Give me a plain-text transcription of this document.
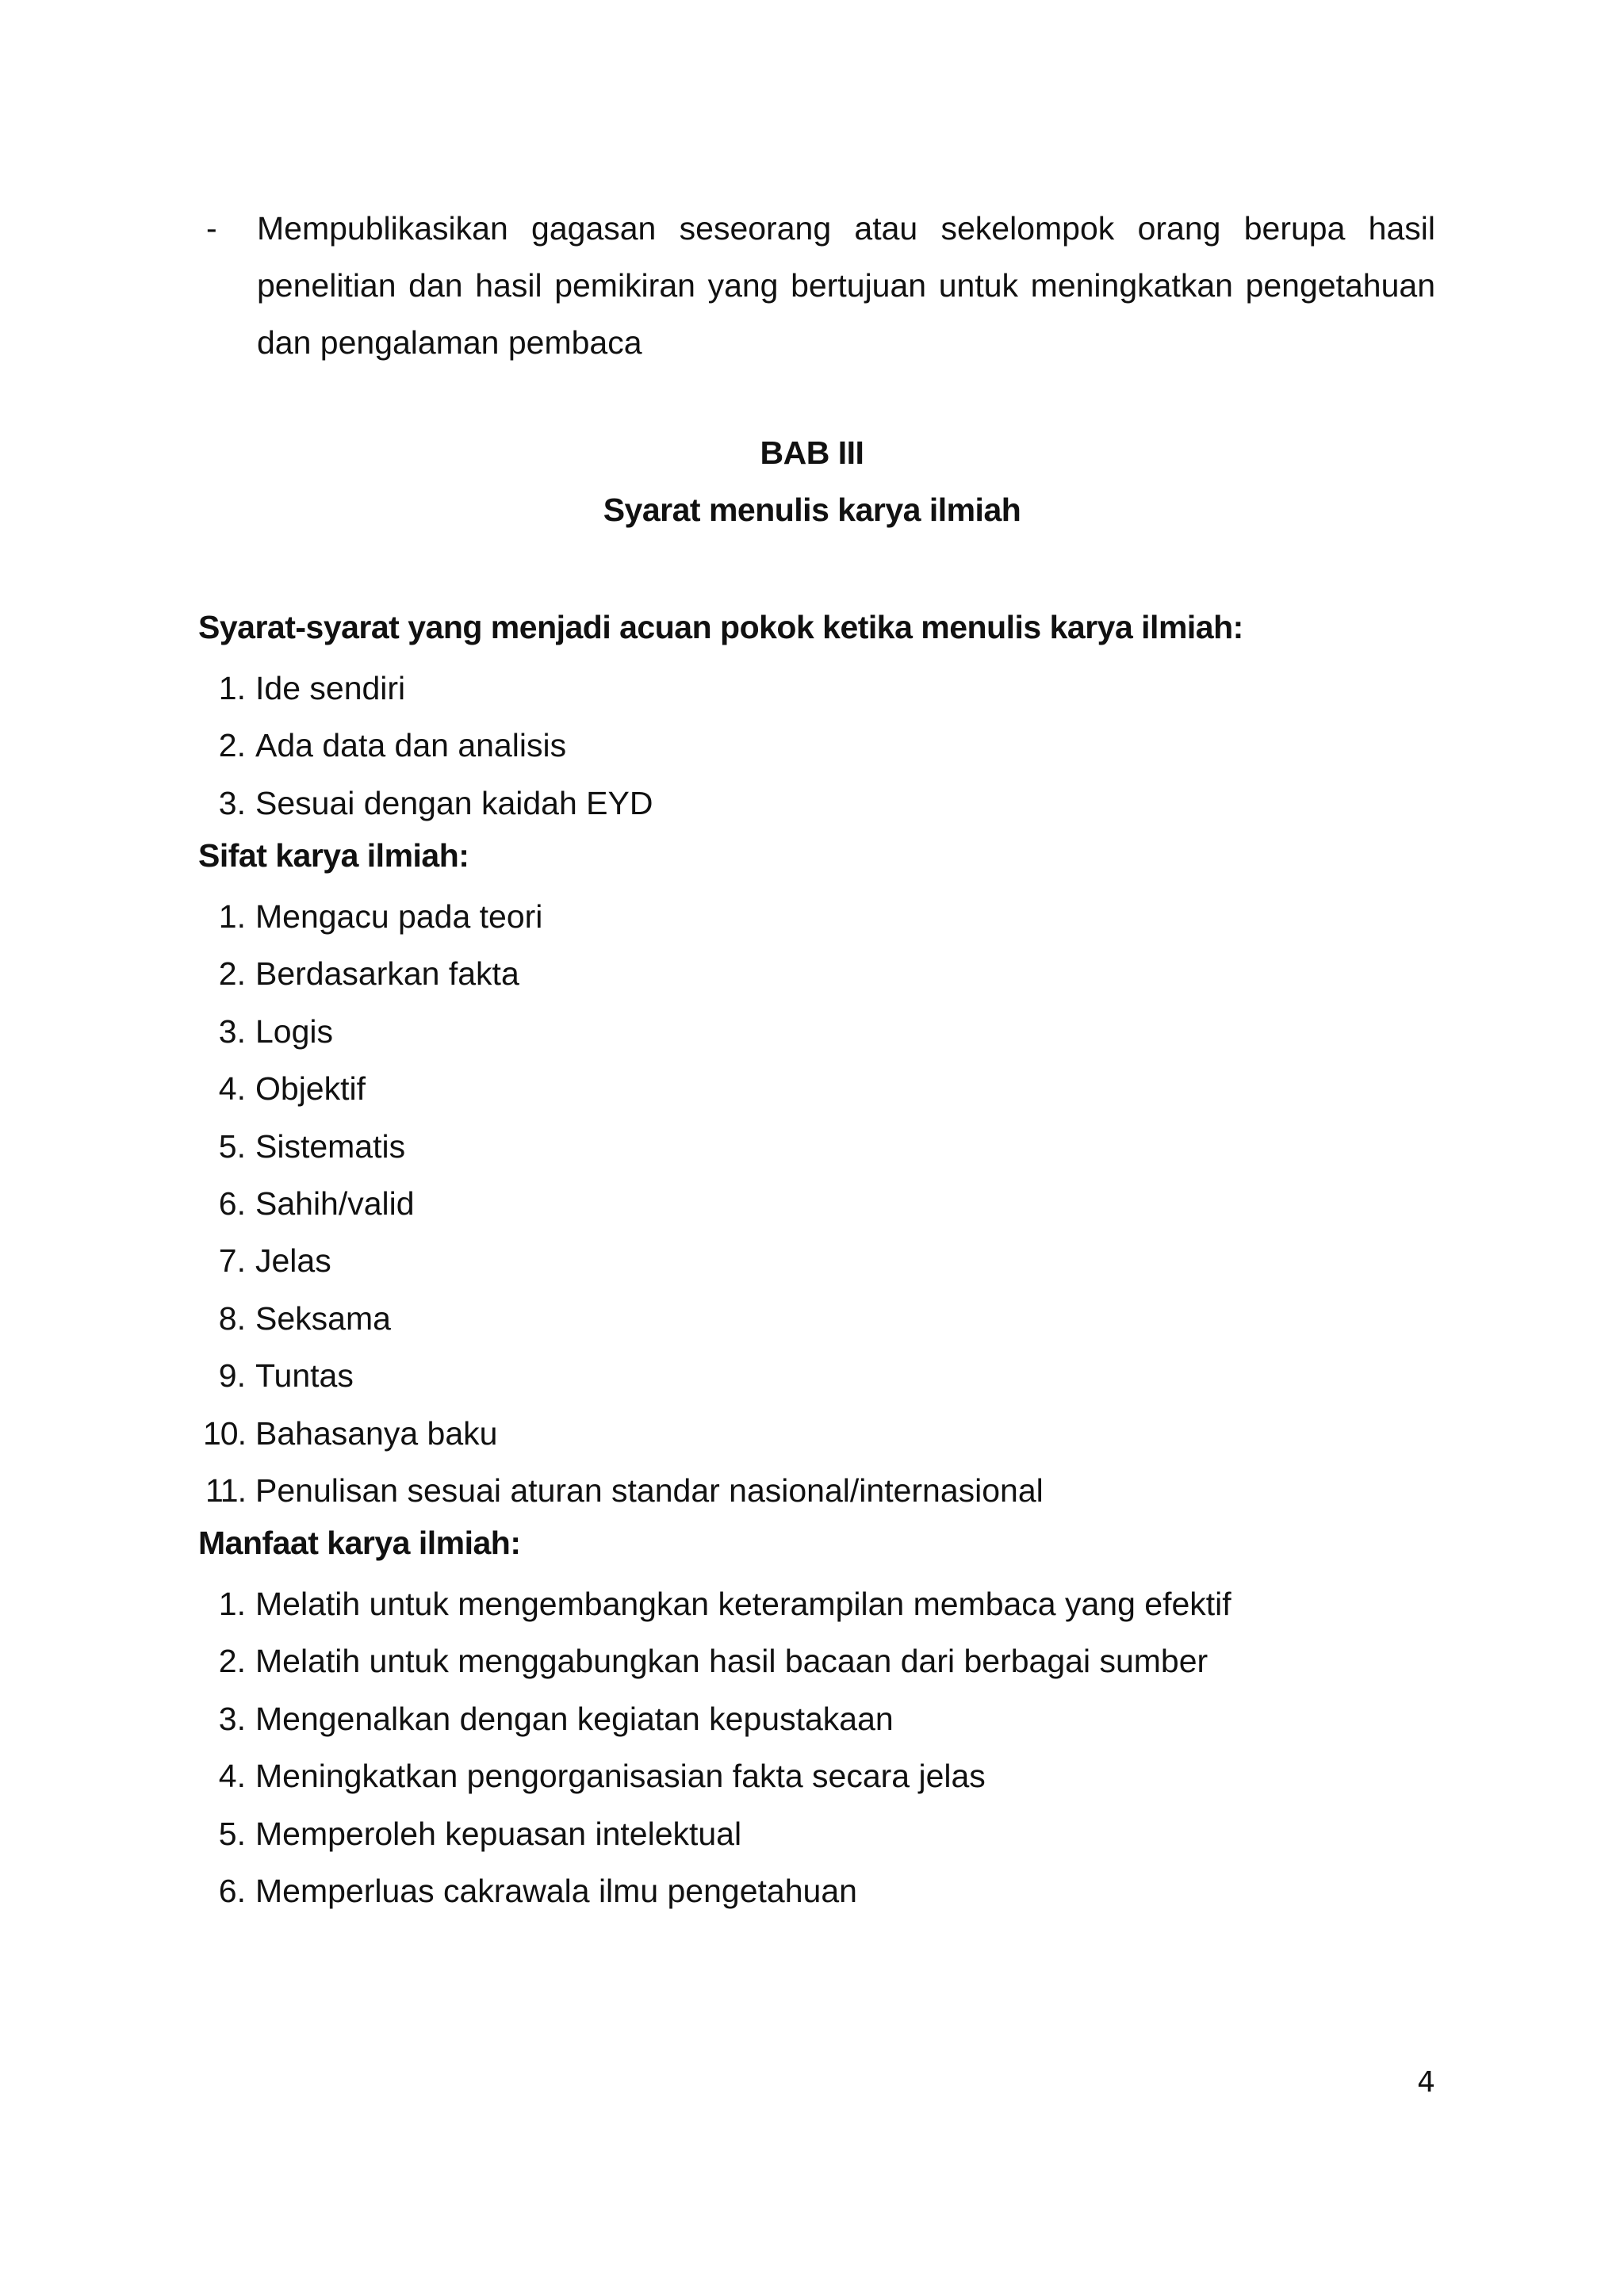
- Mempublikasikan gagasan seseorang atau sekelompok orang berupa hasil penelitian dan hasil pemikiran yang bertujuan untuk meningkatkan pengetahuan dan pengalaman pembaca
BAB III
Syarat menulis karya ilmiah
Syarat-syarat yang menjadi acuan pokok ketika menulis karya ilmiah:
1. Ide sendiri
2. Ada data dan analisis
3. Sesuai dengan kaidah EYD
Sifat karya ilmiah:
1. Mengacu pada teori
2. Berdasarkan fakta
3. Logis
4. Objektif
5. Sistematis
6. Sahih/valid
7. Jelas
8. Seksama
9. Tuntas
10. Bahasanya baku
11. Penulisan sesuai aturan standar nasional/internasional
Manfaat karya ilmiah:
1. Melatih untuk mengembangkan keterampilan membaca yang efektif
2. Melatih untuk menggabungkan hasil bacaan dari berbagai sumber
3. Mengenalkan dengan kegiatan kepustakaan
4. Meningkatkan pengorganisasian fakta secara jelas
5. Memperoleh kepuasan intelektual
6. Memperluas cakrawala ilmu pengetahuan
4
